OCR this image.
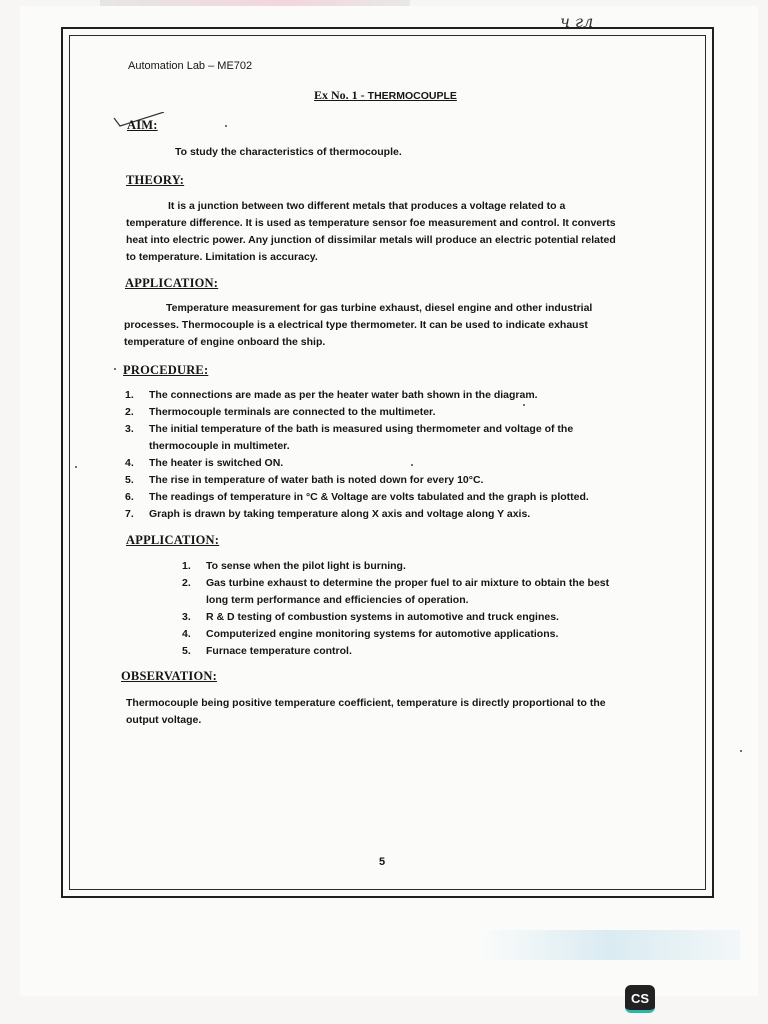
ч гл
Automation Lab – ME702
Ex No. 1 - THERMOCOUPLE
AIM:

To study the characteristics of thermocouple.

THEORY:

It is a junction between two different metals that produces a voltage related to a

temperature difference. It is used as temperature sensor foe measurement and control. It converts

heat into electric power. Any junction of dissimilar metals will produce an electric potential related

to temperature. Limitation is accuracy.

APPLICATION:

Temperature measurement for gas turbine exhaust, diesel engine and other industrial

processes. Thermocouple is a electrical type thermometer. It can be used to indicate exhaust

temperature of engine onboard the ship.

PROCEDURE:
1. The connections are made as per the heater water bath shown in the diagram.
2. Thermocouple terminals are connected to the multimeter.
3. The initial temperature of the bath is measured using thermometer and voltage of the
thermocouple in multimeter.
4. The heater is switched ON.
5. The rise in temperature of water bath is noted down for every 10°C.
6. The readings of temperature in °C & Voltage are volts tabulated and the graph is plotted.
7. Graph is drawn by taking temperature along X axis and voltage along Y axis.
APPLICATION:
1. To sense when the pilot light is burning.
2. Gas turbine exhaust to determine the proper fuel to air mixture to obtain the best
long term performance and efficiencies of operation.
3. R & D testing of combustion systems in automotive and truck engines.
4. Computerized engine monitoring systems for automotive applications.
5. Furnace temperature control.
OBSERVATION:

Thermocouple being positive temperature coefficient, temperature is directly proportional to the

output voltage.

5
CS
